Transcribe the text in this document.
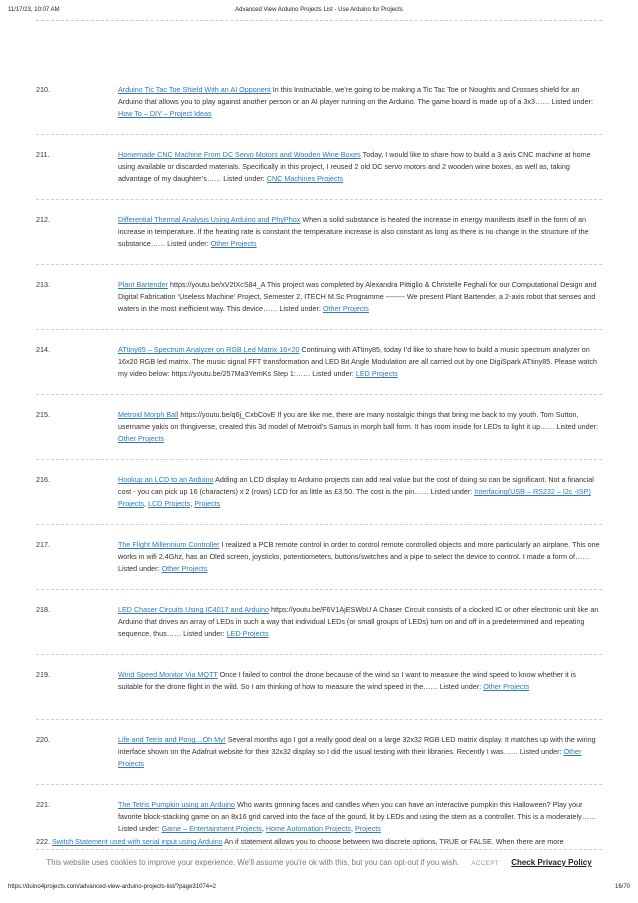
11/17/23, 10:07 AM	Advanced View Arduino Projects List - Use Arduino for Projects
210.	Arduino Tic Tac Toe Shield With an AI Opponent In this Instructable, we’re going to be making a Tic Tac Toe or Noughts and Crosses shield for an Arduino that allows you to play against another person or an AI player running on the Arduino. The game board is made up of a 3x3…… Listed under: How To – DIY – Project Ideas
211.	Homemade CNC Machine From DC Servo Motors and Wooden Wine Boxes Today, I would like to share how to build a 3 axis CNC machine at home using available or discarded materials. Specifically in this project, I reused 2 old DC servo motors and 2 wooden wine boxes, as well as, taking advantage of my daughter’s…… Listed under: CNC Machines Projects
212.	Differential Thermal Analysis Using Arduino and PhyPhox When a solid substance is heated the increase in energy manifests itself in the form of an increase in temperature. If the heating rate is constant the temperature increase is also constant as long as there is no change in the structure of the substance…… Listed under: Other Projects
213.	Plant Bartender https://youtu.be/xV2tXcS84_A This project was completed by Alexandra Pittiglio & Christelle Feghali for our Computational Design and Digital Fabrication ‘Useless Machine’ Project, Semester 2, ITECH M.Sc Programme -------- We present Plant Bartender, a 2-axis robot that senses and waters in the most inefficient way. This device…… Listed under: Other Projects
214.	ATtiny85 – Spectrum Analyzer on RGB Led Matrix 16×20 Continuing with ATtiny85, today I’d like to share how to build a music spectrum analyzer on 16x20 RGB led matrix. The music signal FFT transformation and LED Bit Angle Modulation are all carried out by one DigiSpark ATtiny85. Please watch my video below: https://youtu.be/257Ma3YemKs Step 1:…… Listed under: LED Projects
215.	Metroid Morph Ball https://youtu.be/q6j_CxbCovE If you are like me, there are many nostalgic things that bring me back to my youth. Tom Sutton, username yakis on thingiverse, created this 3d model of Metroid’s Samus in morph ball form. It has room inside for LEDs to light it up…… Listed under: Other Projects
216.	Hookup an LCD to an Arduino Adding an LCD display to Arduino projects can add real value but the cost of doing so can be significant. Not a financial cost - you can pick up 16 (characters) x 2 (rows) LCD for as little as £3.50. The cost is the pin…… Listed under: Interfacing(USB – RS232 – I2c -ISP) Projects, LCD Projects, Projects
217.	The Flight Millennium Controller I realized a PCB remote control in order to control remote controlled objects and more particularly an airplane. This one works in wifi 2.4Ghz, has an Oled screen, joysticks, potentiometers, buttons/switches and a pipe to select the device to control. I made a form of…… Listed under: Other Projects
218.	LED Chaser Circuits Using IC4017 and Arduino https://youtu.be/F6V1AjESWbU A Chaser Circuit consists of a clocked IC or other electronic unit like an Arduino that drives an array of LEDs in such a way that individual LEDs (or small groups of LEDs) turn on and off in a predetermined and repeating sequence, thus…… Listed under: LED Projects
219.	Wind Speed Monitor Via MQTT Once I failed to control the drone because of the wind so I want to measure the wind speed to know whether it is suitable for the drone flight in the wild. So I am thinking of how to measure the wind speed in the…… Listed under: Other Projects
220.	Life and Tetris and Pong…Oh My! Several months ago I got a really good deal on a large 32x32 RGB LED matrix display. It matches up with the wiring interface shown on the Adafruit website for their 32x32 display so I did the usual testing with their libraries. Recently I was…… Listed under: Other Projects
221.	The Tetris Pumpkin using an Arduino Who wants grinning faces and candles when you can have an interactive pumpkin this Halloween? Play your favorite block-stacking game on an 8x16 grid carved into the face of the gourd, lit by LEDs and using the stem as a controller. This is a moderately…… Listed under: Game – Entertainment Projects, Home Automation Projects, Projects
222. Switch Statement used with serial input using Arduino An if statement allows you to choose between two discrete options, TRUE or FALSE. When there are more
This website uses cookies to improve your experience. We'll assume you're ok with this, but you can opt-out if you wish. ACCEPT Check Privacy Policy
https://duino4projects.com/advanced-view-arduino-projects-list/?page31074=2	16/70
